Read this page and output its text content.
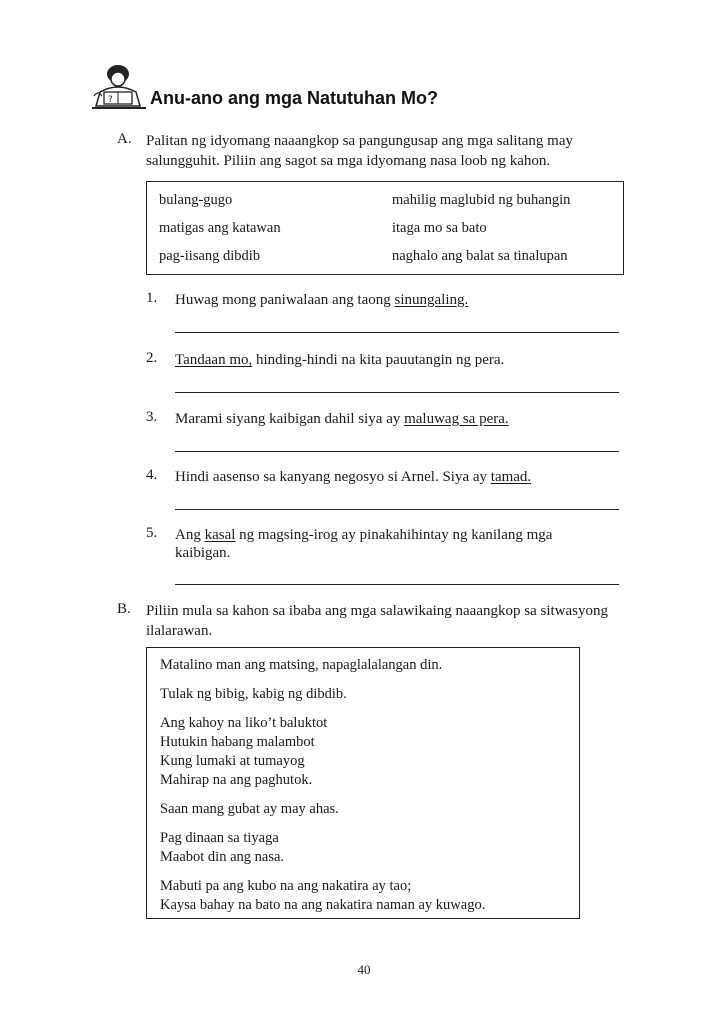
? Anu-ano ang mga Natutuhan Mo?
A. Palitan ng idyomang naaangkop sa pangungusap ang mga salitang may
salungguhit. Piliin ang sagot sa mga idyomang nasa loob ng kahon.
bulang-gugo
matigas ang katawan
pag-iisang dibdib
mahilig maglubid ng buhangin
itaga mo sa bato
naghalo ang balat sa tinalupan
1. Huwag mong paniwalaan ang taong sinungaling.
2. Tandaan mo, hinding-hindi na kita pauutangin ng pera.
3. Marami siyang kaibigan dahil siya ay maluwag sa pera.
4. Hindi aasenso sa kanyang negosyo si Arnel. Siya ay tamad.
5. Ang kasal ng magsing-irog ay pinakahihintay ng kanilang mga
kaibigan.
B. Piliin mula sa kahon sa ibaba ang mga salawikaing naaangkop sa sitwasyong
ilalarawan.
Matalino man ang matsing, napaglalalangan din.
Tulak ng bibig, kabig ng dibdib.
Ang kahoy na liko’t baluktot
Hutukin habang malambot
Kung lumaki at tumayog
Mahirap na ang paghutok.
Saan mang gubat ay may ahas.
Pag dinaan sa tiyaga
Maabot din ang nasa.
Mabuti pa ang kubo na ang nakatira ay tao;
Kaysa bahay na bato na ang nakatira naman ay kuwago.
40
